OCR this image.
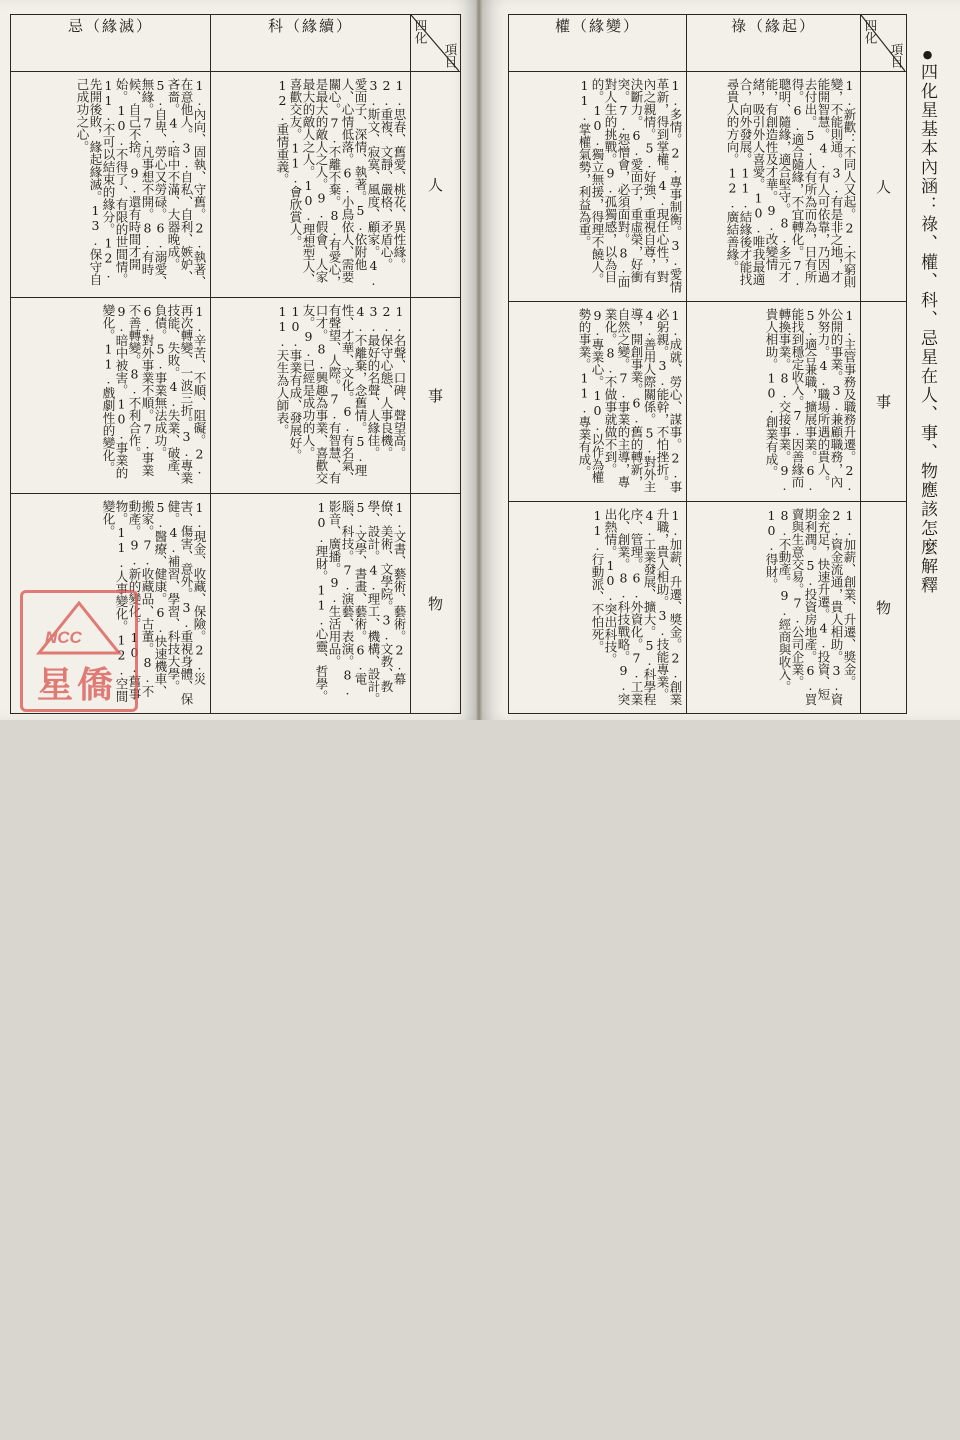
忌（緣滅）	科（緣續）	項目
四化

1.內向、固執、守舊。2.執著、在意他人。3.自私、自利、嫉妒、吝嗇。4.暗中不滿、大器晚成。5.自卑、勞心又勞碌。6.溺愛、無緣。7.凡事想不開。8.有時候、自己不捨。9.還有時間才開始。10.不得了、有限的世間情。11.不可以結束的緣分。12.先開後敗，緣起緣滅。13.保守自己成功之心。	1.思春、舊愛、桃花、異性緣。2.重複、文靜、嚴格、矛盾心。3.斯文、寂寞、風度、顧家。4.愛面子、深情、執著。5.依附他人、心情低落。6.小鳥依人、需要關心。7.不離不棄。8.有愛心，是最大的敵人之人。9.假會、人家最大的敵人之人。10.理想型人、喜歡交友。11.會欣賞人。12.重情重義。	人

1.辛苦、不順、阻礙。2.再次轉變、一波三折。3.專業技能、失敗。4.失業、破產、負債。5.事業無法成功。6.對外事業不順。7.事業不善轉變。8.不利合作。9.暗中被害。10.事業的變化。11.戲劇性的變化。	1.名聲、口碑、聲望高。2.保守心態、人事良機。3.最好的名聲、人緣佳。4.不離棄，念舊情。5.理性、才華、文化。6.有名氣、有聲望、人際。7.有智慧、有口才。8.興趣為事業、喜歡交友。9.已經是成功的人。10.事業有成、發展好。11.天生為人師表。	事

1.現金、收藏、保險。2.災害、傷害、意外。3.重視身體、保健。4.補習、學習、科技大學。5.醫療、健康。6.快速機車、搬家。7.收藏品、古董。8.不動產。9.新的變化。10.舊事物。11.人事變化。12.空間變化。	1.文書、藝術、藝術。2.幕僚、美術、文學院。3.文教、教學、設計。4.理工、機構、設計。5.文學、書畫、藝術。6.電腦、科技。7.演藝、表演。8.影音、廣播。9.生活用品。10.理財。11.心靈、哲學。	物
權（緣變）	祿（緣起）	項目
四化

1.多情。2.專事制衡。3.愛情革新，得到掌權。4.現任心性，對內之親情。5.好強、重視自尊，有決斷力。6.愛面子，重虛榮，好衝突。7.怨憎會，必須面對。8.面對人生的挑戰。9.孤獨感，以為目的。10.獨立無援，得理不饒人。11.掌權氣勢，利益為重。	1.新歡：不同人又起。2.不窮則變，不能則通。3.有是非之地，才能開智慧。4.有人可依靠，乃因過去付出。5.人有所為而為，日有所得。6.適合隨緣，不宜轉化。7.聰明、隨緣，適合堅守。8.多元才能，有創造性及才華。9.改變情緒，吸引外人喜愛。10.唯我最適合，向外發展。11.結緣後才能找尋貴人的方向。12.廣結善緣。	人

1.成就、勞心、謀事。2.事必躬親。3.能幹，不怕挫折。4.善用人際關係。5.對外主導，開創事業。6.舊的轉新，自然之變。7.事業的主導，專業化。8.不做事就做不到。9.專業心。10.以作為權勢的事業。11.專業有成。	1.主管事務及職務升遷。2.公開的事業。3.兼顧職務，內外努力。4.職場所遇的貴人。5.適合兼職，擴展事業。6.能找到穩定收入。7.因善緣而轉換事業。8.交接事業。9.貴人相助。10.創業有成。	事

1.加薪、升遷、獎金。2.創業升職，貴人相助。3.技能專業。4.工業發展、擴大。5.科學程序、管理。6.外資化。7.工業化、創業。8.科技戰略。9.突出熱情。10.突出科技。11.行動派、不怕死。	1.加薪、創業、升遷、獎金。2.資金流通，貴人相助。3.資金充足，快速升遷。4.投資、短期利潤。5.投資房地產。6.買賣與生意交易。7.公司企業。8.不動產。9.經商與收入。10.得財。	物
●四化星基本內涵：祿、權、科、忌星在人、事、物應該怎麼解釋
NCC
星僑
